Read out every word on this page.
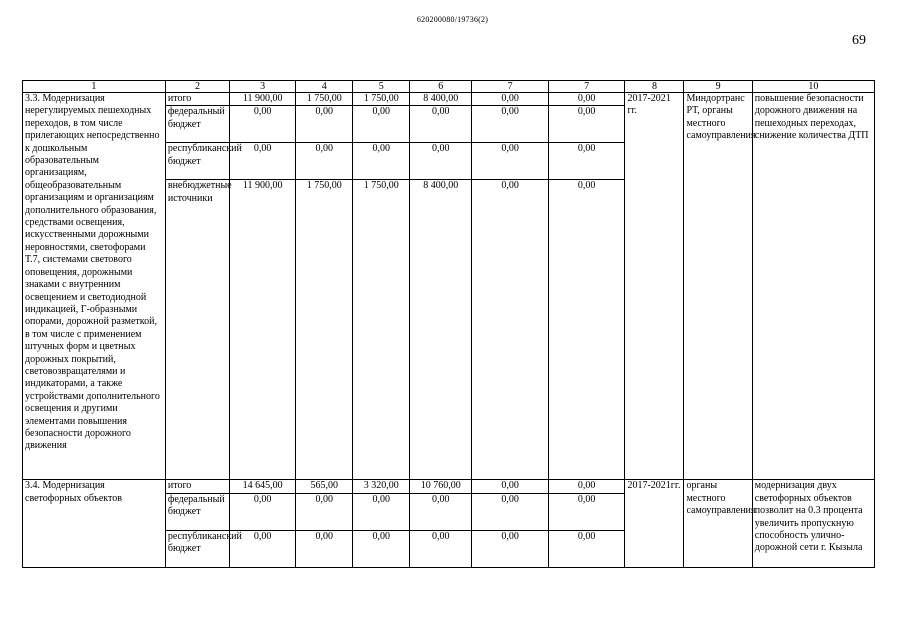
620200080/19736(2)
69
1	2	3	4	5	6	7	7	8	9	10
3.3. Модернизация нерегулируемых пешеходных переходов, в том числе прилегающих непосредственно к дошкольным образовательным организациям, общеобразовательным организациям и организациям дополнительного образования, средствами освещения, искусственными дорожными неровностями, светофорами Т.7, системами светового оповещения, дорожными знаками с внутренним освещением и светодиодной индикацией, Г-образными опорами, дорожной разметкой, в том числе с применением штучных форм и цветных дорожных покрытий, световозвращателями и индикаторами, а также устройствами дополнительного освещения и другими элементами повышения безопасности дорожного движения	итого	11 900,00	1 750,00	1 750,00	8 400,00	0,00	0,00	2017-2021 гг.	Миндортранс РТ, органы местного самоуправления	повышение безопасности дорожного движения на пешеходных переходах, снижение количества ДТП
	федеральный бюджет	0,00	0,00	0,00	0,00	0,00	0,00			
	республиканский бюджет	0,00	0,00	0,00	0,00	0,00	0,00			
	внебюджетные источники	11 900,00	1 750,00	1 750,00	8 400,00	0,00	0,00			
3.4. Модернизация светофорных объектов	итого	14 645,00	565,00	3 320,00	10 760,00	0,00	0,00	2017-2021гг.	органы местного самоуправления	модернизация двух светофорных объектов позволит на 0.3 процента увеличить пропускную способность улично-дорожной сети г. Кызыла
	федеральный бюджет	0,00	0,00	0,00	0,00	0,00	0,00			
	республиканский бюджет	0,00	0,00	0,00	0,00	0,00	0,00			
